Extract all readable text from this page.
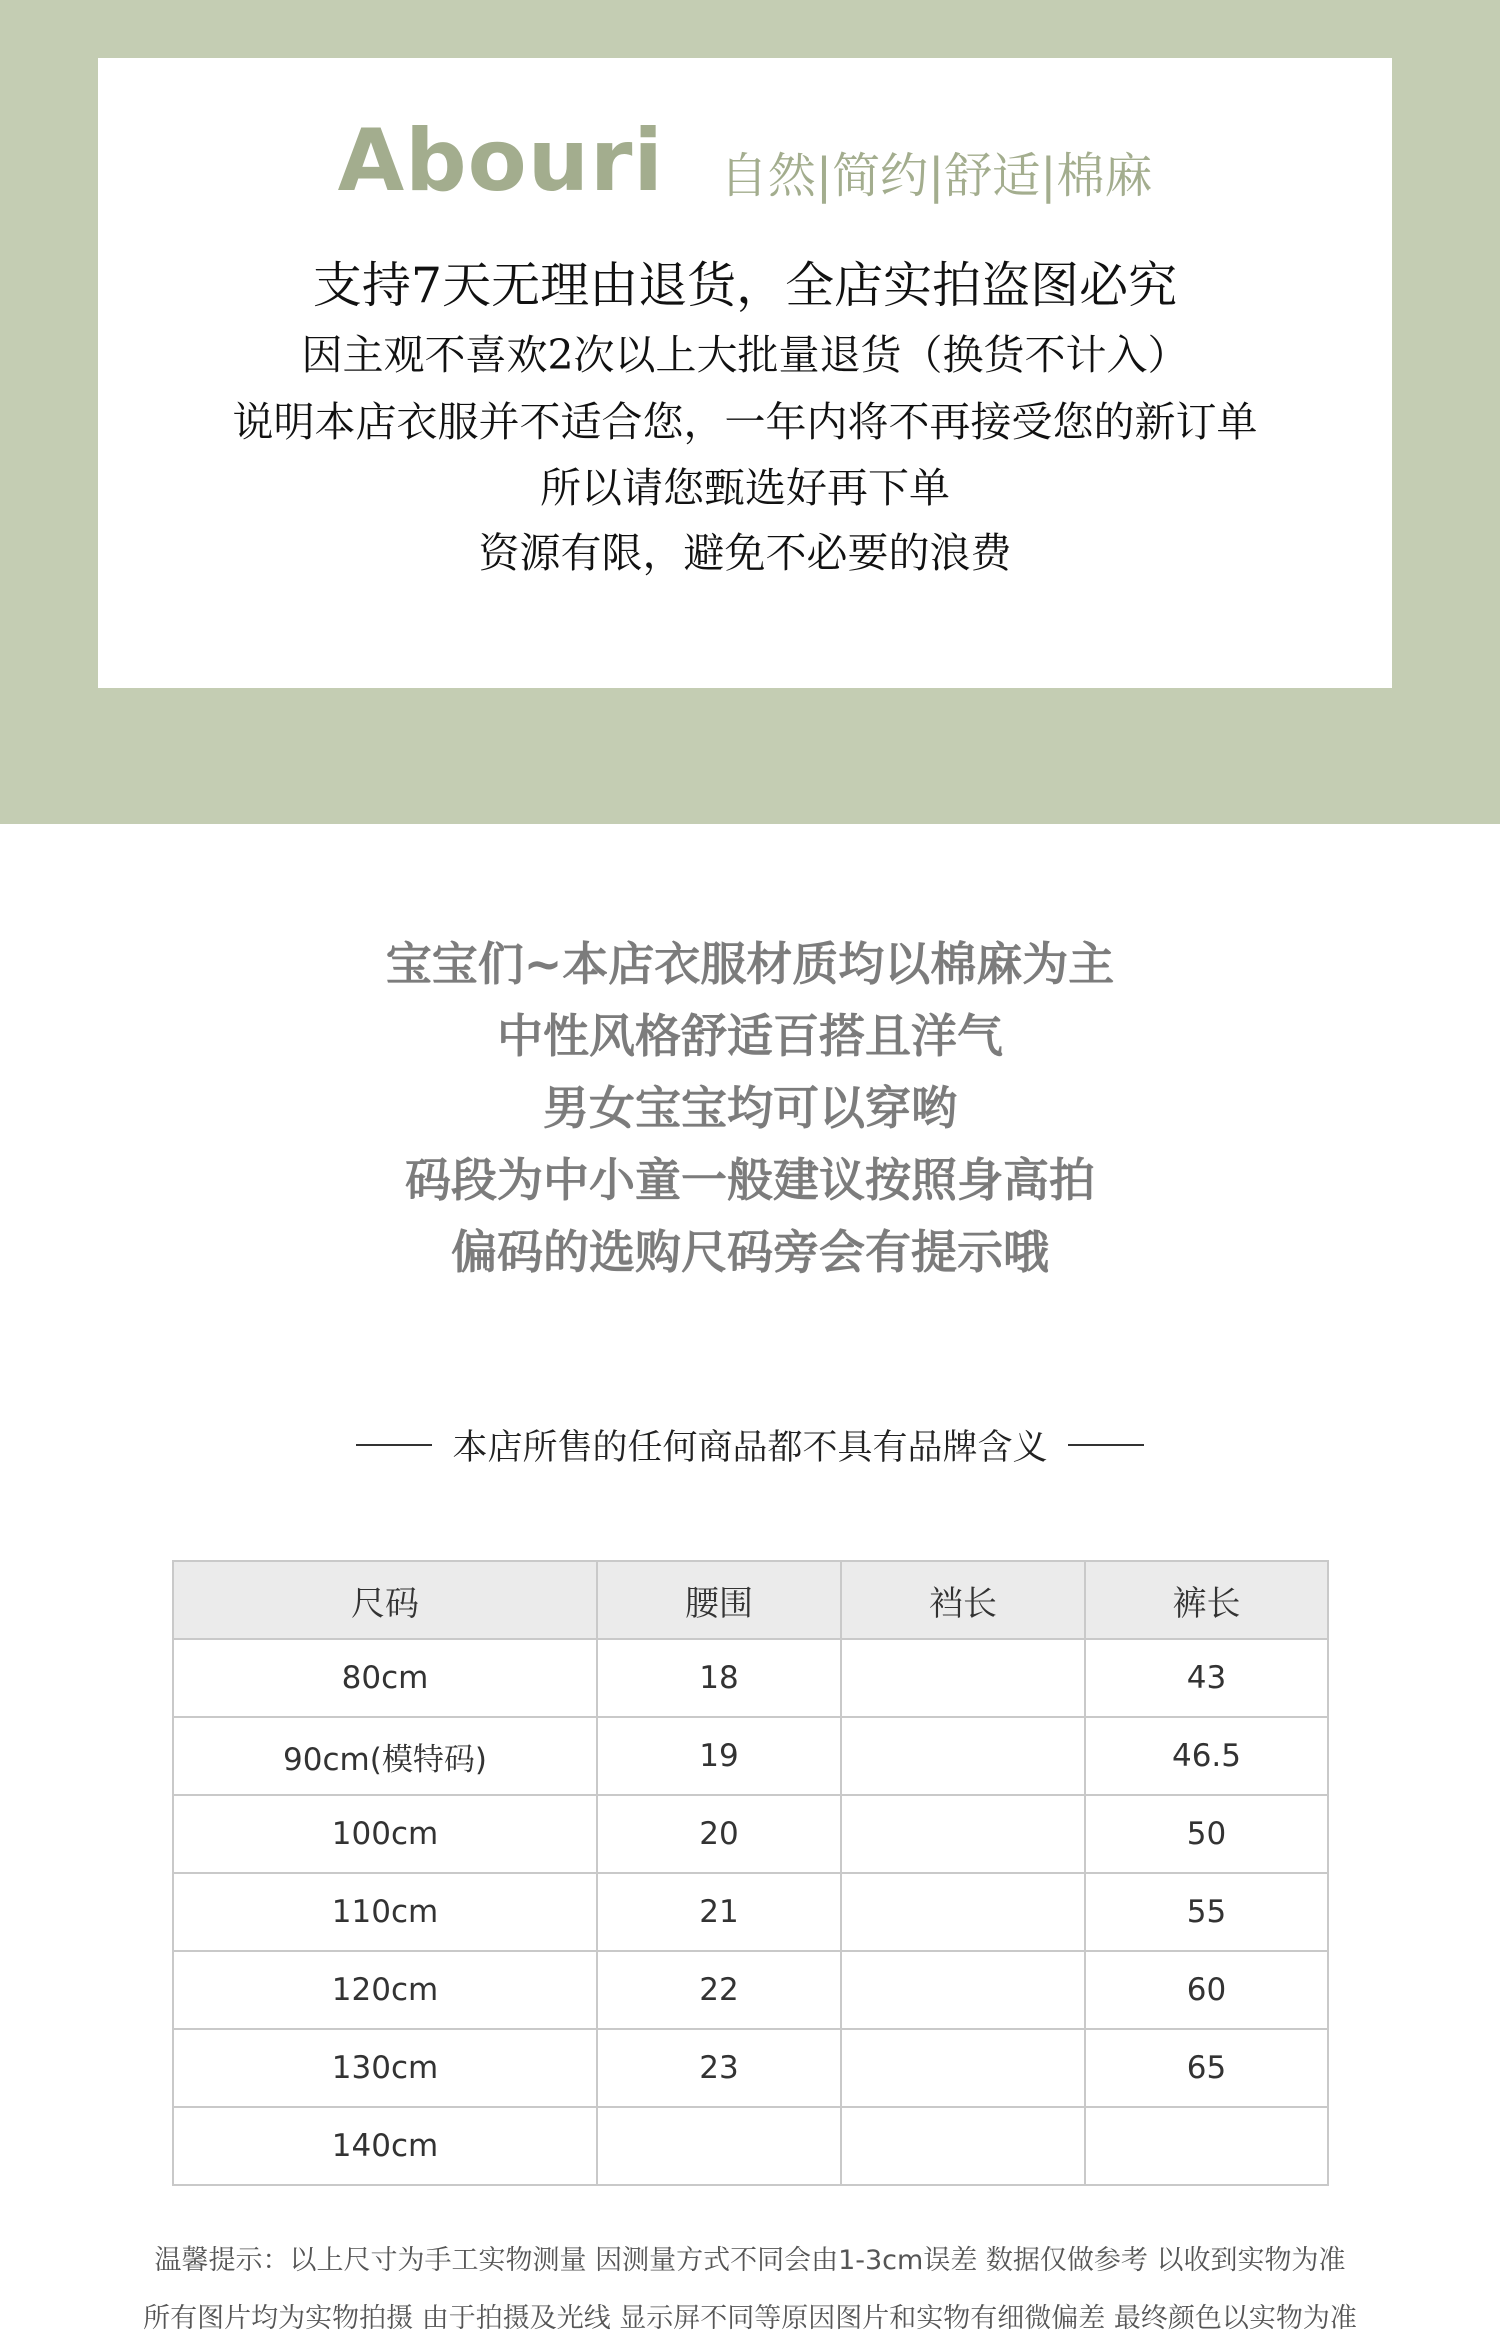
Abouri 自然|简约|舒适|棉麻
支持7天无理由退货，全店实拍盗图必究
因主观不喜欢2次以上大批量退货（换货不计入）
说明本店衣服并不适合您，一年内将不再接受您的新订单
所以请您甄选好再下单
资源有限，避免不必要的浪费
宝宝们~本店衣服材质均以棉麻为主
中性风格舒适百搭且洋气
男女宝宝均可以穿哟
码段为中小童一般建议按照身高拍
偏码的选购尺码旁会有提示哦
本店所售的任何商品都不具有品牌含义
尺码	腰围	裆长	裤长
80cm	18		43
90cm(模特码)	19		46.5
100cm	20		50
110cm	21		55
120cm	22		60
130cm	23		65
140cm			
温馨提示：以上尺寸为手工实物测量 因测量方式不同会由1-3cm误差 数据仅做参考 以收到实物为准
所有图片均为实物拍摄 由于拍摄及光线 显示屏不同等原因图片和实物有细微偏差 最终颜色以实物为准
